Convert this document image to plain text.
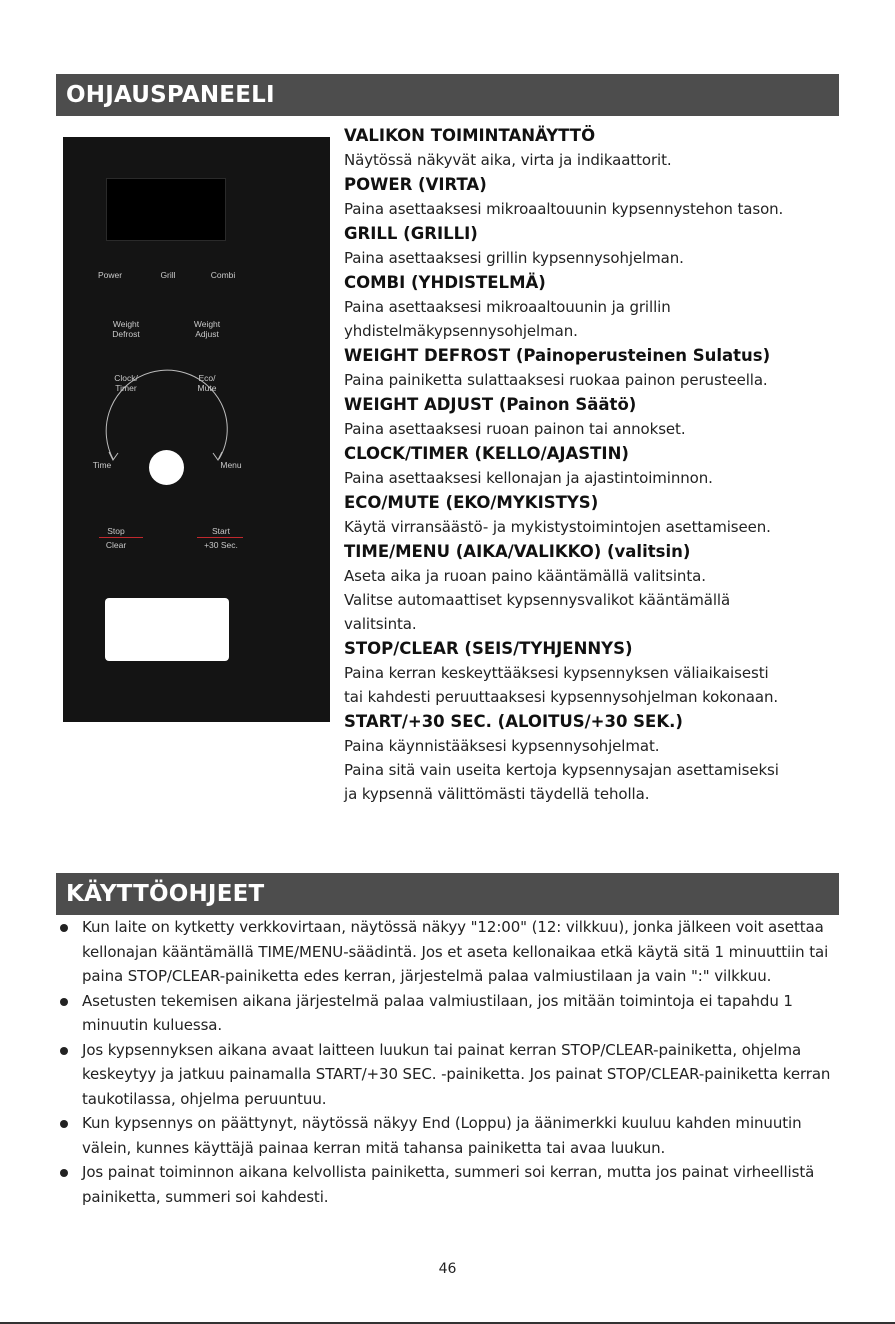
OHJAUSPANEELI
Power	Grill	Combi
Weight
Defrost
Weight
Adjust
Clock/
Timer
Eco/
Mute
Time	Menu
Stop
Clear
Start
+30 Sec.
VALIKON TOIMINTANÄYTTÖ

Näytössä näkyvät aika, virta ja indikaattorit.

POWER (VIRTA)

Paina asettaaksesi mikroaaltouunin kypsennystehon tason.

GRILL (GRILLI)

Paina asettaaksesi grillin kypsennysohjelman.

COMBI (YHDISTELMÄ)

Paina asettaaksesi mikroaaltouunin ja grillin
yhdistelmäkypsennysohjelman.

WEIGHT DEFROST (Painoperusteinen Sulatus)

Paina painiketta sulattaaksesi ruokaa painon perusteella.

WEIGHT ADJUST (Painon Säätö)

Paina asettaaksesi ruoan painon tai annokset.

CLOCK/TIMER (KELLO/AJASTIN)

Paina asettaaksesi kellonajan ja ajastintoiminnon.

ECO/MUTE (EKO/MYKISTYS)

Käytä virransäästö- ja mykistystoimintojen asettamiseen.

TIME/MENU (AIKA/VALIKKO) (valitsin)

Aseta aika ja ruoan paino kääntämällä valitsinta.
Valitse automaattiset kypsennysvalikot kääntämällä
valitsinta.

STOP/CLEAR (SEIS/TYHJENNYS)

Paina kerran keskeyttääksesi kypsennyksen väliaikaisesti
tai kahdesti peruuttaaksesi kypsennysohjelman kokonaan.

START/+30 SEC. (ALOITUS/+30 SEK.)

Paina käynnistääksesi kypsennysohjelmat.
Paina sitä vain useita kertoja kypsennysajan asettamiseksi
ja kypsennä välittömästi täydellä teholla.

KÄYTTÖOHJEET
Kun laite on kytketty verkkovirtaan, näytössä näkyy "12:00" (12: vilkkuu), jonka jälkeen voit asettaa kellonajan kääntämällä TIME/MENU-säädintä. Jos et aseta kellonaikaa etkä käytä sitä 1 minuuttiin tai paina STOP/CLEAR-painiketta edes kerran, järjestelmä palaa valmiustilaan ja vain ":" vilkkuu.
Asetusten tekemisen aikana järjestelmä palaa valmiustilaan, jos mitään toimintoja ei tapahdu 1 minuutin kuluessa.
Jos kypsennyksen aikana avaat laitteen luukun tai painat kerran STOP/CLEAR-painiketta, ohjelma keskeytyy ja jatkuu painamalla START/+30 SEC. -painiketta. Jos painat STOP/CLEAR-painiketta kerran taukotilassa, ohjelma peruuntuu.
Kun kypsennys on päättynyt, näytössä näkyy End (Loppu) ja äänimerkki kuuluu kahden minuutin välein, kunnes käyttäjä painaa kerran mitä tahansa painiketta tai avaa luukun.
Jos painat toiminnon aikana kelvollista painiketta, summeri soi kerran, mutta jos painat virheellistä painiketta, summeri soi kahdesti.
46
